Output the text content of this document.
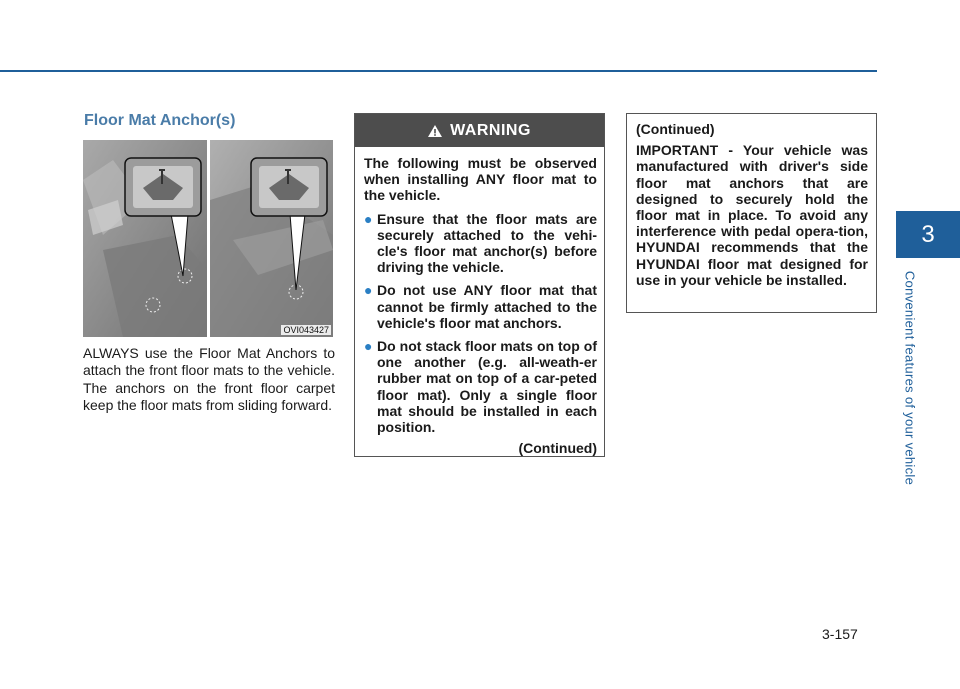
Floor Mat Anchor(s)
OVI043427

ALWAYS use the Floor Mat Anchors to attach the front floor mats to the vehicle. The anchors on the front floor carpet keep the floor mats from sliding forward.

WARNING

The following must be observed when installing ANY floor mat to the vehicle.

● Ensure that the floor mats are securely attached to the vehi-cle's floor mat anchor(s) before driving the vehicle.
● Do not use ANY floor mat that cannot be firmly attached to the vehicle's floor mat anchors.
● Do not stack floor mats on top of one another (e.g. all-weath-er rubber mat on top of a car-peted floor mat). Only a single floor mat should be installed in each position.

(Continued)

(Continued)

IMPORTANT - Your vehicle was manufactured with driver's side floor mat anchors that are designed to securely hold the floor mat in place. To avoid any interference with pedal opera-tion, HYUNDAI recommends that the HYUNDAI floor mat designed for use in your vehicle be installed.

3
Convenient features of your vehicle
3-157
